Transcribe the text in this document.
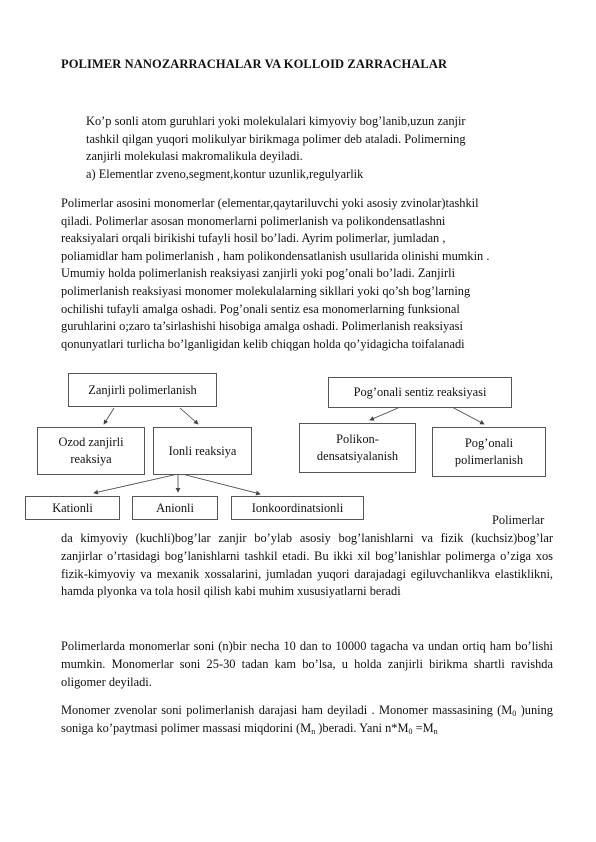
POLIMER NANOZARRACHALAR VA KOLLOID ZARRACHALAR
Ko’p sonli atom guruhlari yoki molekulalari kimyoviy bog’lanib,uzun zanjir
tashkil qilgan yuqori molikulyar birikmaga polimer deb ataladi. Polimerning
zanjirli molekulasi makromalikula deyiladi.
a) Elementlar zveno,segment,kontur uzunlik,regulyarlik
Polimerlar asosini monomerlar (elementar,qaytariluvchi yoki asosiy zvinolar)tashkil
qiladi. Polimerlar asosan monomerlarni polimerlanish va polikondensatlashni
reaksiyalari orqali birikishi tufayli hosil bo’ladi. Ayrim polimerlar, jumladan ,
poliamidlar ham polimerlanish , ham polikondensatlanish usullarida olinishi mumkin .
Umumiy holda polimerlanish reaksiyasi zanjirli yoki pog’onali bo’ladi. Zanjirli
polimerlanish reaksiyasi monomer molekulalarning sikllari yoki qo’sh bog’larning
ochilishi tufayli amalga oshadi. Pog’onali sentiz esa monomerlarning funksional
guruhlarini o;zaro ta’sirlashishi hisobiga amalga oshadi. Polimerlanish reaksiyasi
qonunyatlari turlicha bo’lganligidan kelib chiqgan holda qo’yidagicha toifalanadi
Zanjirli polimerlanish	Pog’onali sentiz reaksiyasi
Ozod zanjirli
reaksiya
Ionli reaksiya
Polikon-
densatsiyalanish
Pog’onali
polimerlanish
Kationli	Anionli	Ionkoordinatsionli
Polimerlar
da kimyoviy (kuchli)bog’lar zanjir bo’ylab asosiy bog’lanishlarni va fizik (kuchsiz)bog’lar zanjirlar o’rtasidagi bog’lanishlarni tashkil etadi. Bu ikki xil bog’lanishlar polimerga o’ziga xos fizik-kimyoviy va mexanik xossalarini, jumladan yuqori darajadagi egiluvchanlikva elastiklikni, hamda plyonka va tola hosil qilish kabi muhim xususiyatlarni beradi
Polimerlarda monomerlar soni (n)bir necha 10 dan to 10000 tagacha va undan ortiq ham bo’lishi mumkin. Monomerlar soni 25-30 tadan kam bo’lsa, u holda zanjirli birikma shartli ravishda oligomer deyiladi.
Monomer zvenolar soni polimerlanish darajasi ham deyiladi . Monomer massasining ($M_0$ )uning soniga ko’paytmasi polimer massasi miqdorini ($M_n$ )beradi. Yani $n*M_0 =M_n$
